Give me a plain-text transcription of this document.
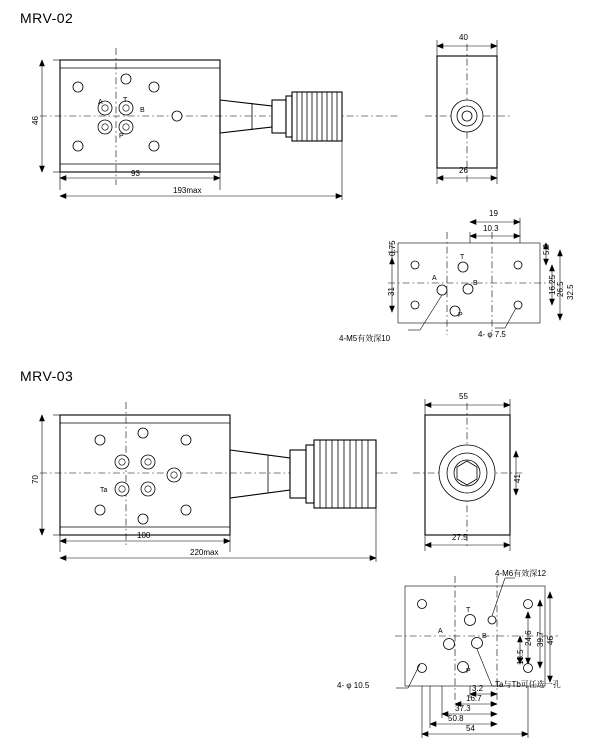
MRV-02
MRV-03
46
93
193max
40
26
A	T
B
P
A
T
B
P
0.75
19
10.3
5.9
31	16.25 26.5 32.5
4-M5有效深10	4- φ 7.5
70
100
220max
55
41
27.5
Ta
A
T
B
P
4-M6有效深12
4- φ 10.5	Ta与Tb可任选一孔
3.2
16.7
24.6
13.5
39.7 46
37.3
50.8
54
